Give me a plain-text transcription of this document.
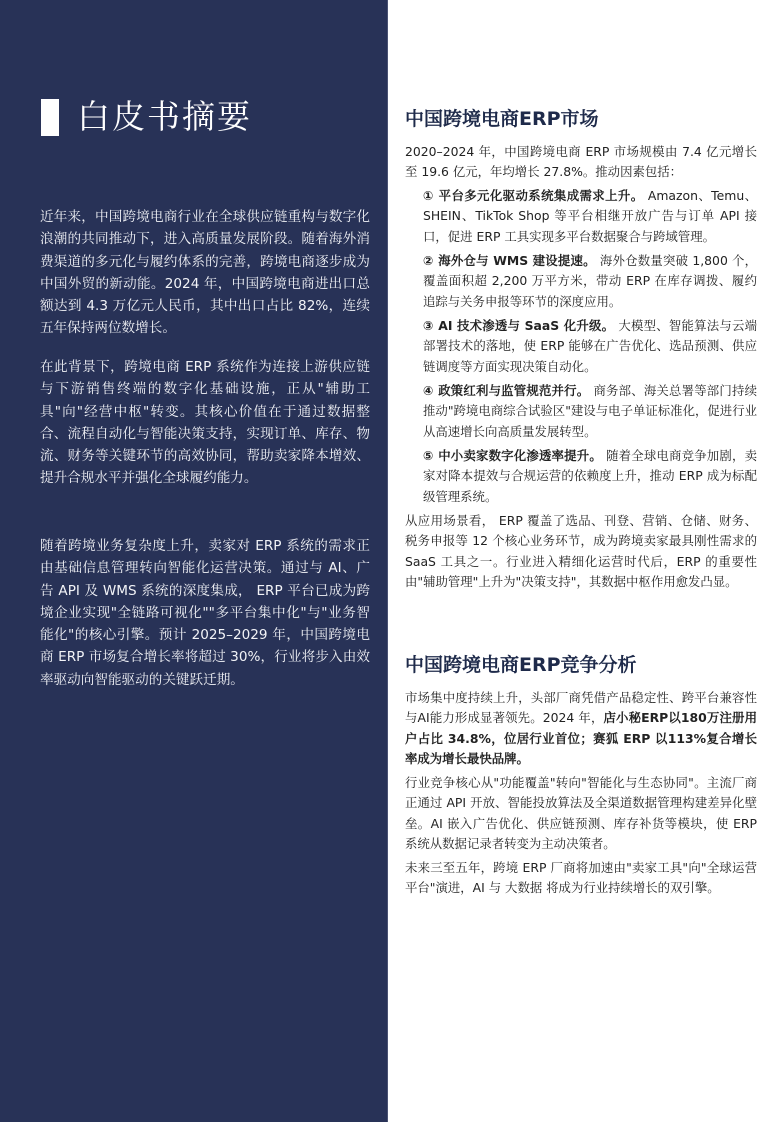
白皮书摘要

近年来，中国跨境电商行业在全球供应链重构与数字化浪潮的共同推动下，进入高质量发展阶段。随着海外消费渠道的多元化与履约体系的完善，跨境电商逐步成为中国外贸的新动能。2024 年，中国跨境电商进出口总额达到 4.3 万亿元人民币，其中出口占比 82%，连续五年保持两位数增长。

在此背景下，跨境电商 ERP 系统作为连接上游供应链与下游销售终端的数字化基础设施，正从"辅助工具"向"经营中枢"转变。其核心价值在于通过数据整合、流程自动化与智能决策支持，实现订单、库存、物流、财务等关键环节的高效协同，帮助卖家降本增效、提升合规水平并强化全球履约能力。

随着跨境业务复杂度上升，卖家对 ERP 系统的需求正由基础信息管理转向智能化运营决策。通过与 AI、广告 API 及 WMS 系统的深度集成， ERP 平台已成为跨境企业实现"全链路可视化""多平台集中化"与"业务智能化"的核心引擎。预计 2025–2029 年，中国跨境电商 ERP 市场复合增长率将超过 30%，行业将步入由效率驱动向智能驱动的关键跃迁期。

中国跨境电商ERP市场

2020–2024 年，中国跨境电商 ERP 市场规模由 7.4 亿元增长至 19.6 亿元，年均增长 27.8%。推动因素包括：

① 平台多元化驱动系统集成需求上升。 Amazon、Temu、SHEIN、TikTok Shop 等平台相继开放广告与订单 API 接口，促进 ERP 工具实现多平台数据聚合与跨域管理。

② 海外仓与 WMS 建设提速。 海外仓数量突破 1,800 个，覆盖面积超 2,200 万平方米，带动 ERP 在库存调拨、履约追踪与关务申报等环节的深度应用。

③ AI 技术渗透与 SaaS 化升级。 大模型、智能算法与云端部署技术的落地，使 ERP 能够在广告优化、选品预测、供应链调度等方面实现决策自动化。

④ 政策红利与监管规范并行。 商务部、海关总署等部门持续推动"跨境电商综合试验区"建设与电子单证标准化，促进行业从高速增长向高质量发展转型。

⑤ 中小卖家数字化渗透率提升。 随着全球电商竞争加剧，卖家对降本提效与合规运营的依赖度上升，推动 ERP 成为标配级管理系统。

从应用场景看， ERP 覆盖了选品、刊登、营销、仓储、财务、税务申报等 12 个核心业务环节，成为跨境卖家最具刚性需求的 SaaS 工具之一。行业进入精细化运营时代后，ERP 的重要性由"辅助管理"上升为"决策支持"，其数据中枢作用愈发凸显。

中国跨境电商ERP竞争分析

市场集中度持续上升，头部厂商凭借产品稳定性、跨平台兼容性与AI能力形成显著领先。2024 年，店小秘ERP以180万注册用户占比 34.8%，位居行业首位；赛狐 ERP 以113%复合增长率成为增长最快品牌。

行业竞争核心从"功能覆盖"转向"智能化与生态协同"。主流厂商正通过 API 开放、智能投放算法及全渠道数据管理构建差异化壁垒。AI 嵌入广告优化、供应链预测、库存补货等模块，使 ERP 系统从数据记录者转变为主动决策者。

未来三至五年，跨境 ERP 厂商将加速由"卖家工具"向"全球运营平台"演进，AI 与 大数据 将成为行业持续增长的双引擎。
